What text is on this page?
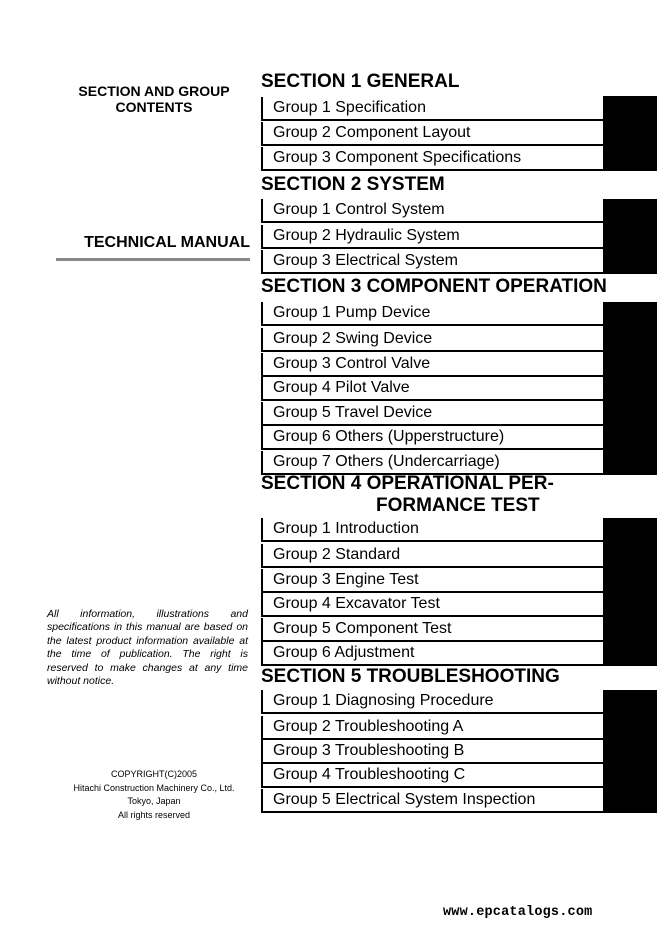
SECTION AND GROUP
CONTENTS
TECHNICAL MANUAL
All information, illustrations and specifications in this manual are based on the latest product information available at the time of publication. The right is reserved to make changes at any time without notice.
COPYRIGHT(C)2005
Hitachi Construction Machinery Co., Ltd.
Tokyo, Japan
All rights reserved
SECTION 1 GENERAL
Group 1 Specification
Group 2 Component Layout
Group 3 Component Specifications
SECTION 2 SYSTEM
Group 1 Control System
Group 2 Hydraulic System
Group 3 Electrical System
SECTION 3 COMPONENT OPERATION
Group 1 Pump Device
Group 2 Swing Device
Group 3 Control Valve
Group 4 Pilot Valve
Group 5 Travel Device
Group 6 Others (Upperstructure)
Group 7 Others (Undercarriage)
SECTION 4 OPERATIONAL PER-
FORMANCE TEST
Group 1 Introduction
Group 2 Standard
Group 3 Engine Test
Group 4 Excavator Test
Group 5 Component Test
Group 6 Adjustment
SECTION 5 TROUBLESHOOTING
Group 1 Diagnosing Procedure
Group 2 Troubleshooting A
Group 3 Troubleshooting B
Group 4 Troubleshooting C
Group 5 Electrical System Inspection
www.epcatalogs.com
